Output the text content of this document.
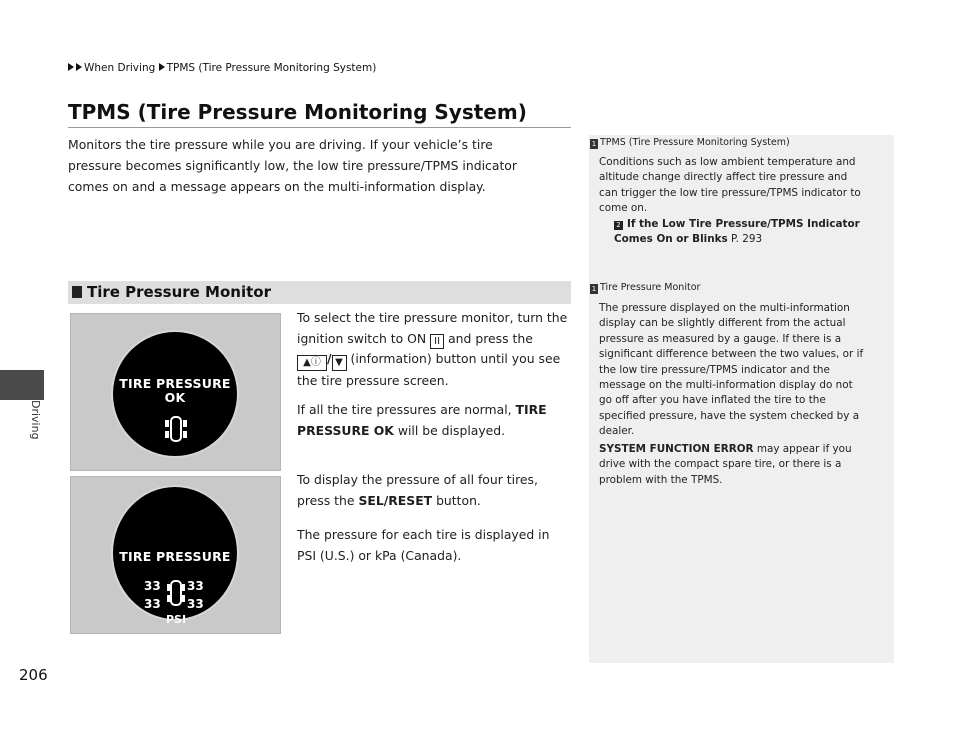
When Driving TPMS (Tire Pressure Monitoring System)
TPMS (Tire Pressure Monitoring System)
Monitors the tire pressure while you are driving. If your vehicle’s tire pressure becomes significantly low, the low tire pressure/TPMS indicator comes on and a message appears on the multi-information display.
Driving
Tire Pressure Monitor
TIRE PRESSURE
OK
TIRE PRESSURE
33 33
33 33
PSI
To select the tire pressure monitor, turn the ignition switch to ON II and press the
▲ⓘ / ▼ (information) button until you see the tire pressure screen.
If all the tire pressures are normal, TIRE PRESSURE OK will be displayed.
To display the pressure of all four tires, press the SEL/RESET button.
The pressure for each tire is displayed in PSI (U.S.) or kPa (Canada).
1 TPMS (Tire Pressure Monitoring System)
Conditions such as low ambient temperature and altitude change directly affect tire pressure and can trigger the low tire pressure/TPMS indicator to come on.
2 If the Low Tire Pressure/TPMS Indicator Comes On or Blinks P. 293
1 Tire Pressure Monitor
The pressure displayed on the multi-information display can be slightly different from the actual pressure as measured by a gauge. If there is a significant difference between the two values, or if the low tire pressure/TPMS indicator and the message on the multi-information display do not go off after you have inflated the tire to the specified pressure, have the system checked by a dealer.
SYSTEM FUNCTION ERROR may appear if you drive with the compact spare tire, or there is a problem with the TPMS.
206
